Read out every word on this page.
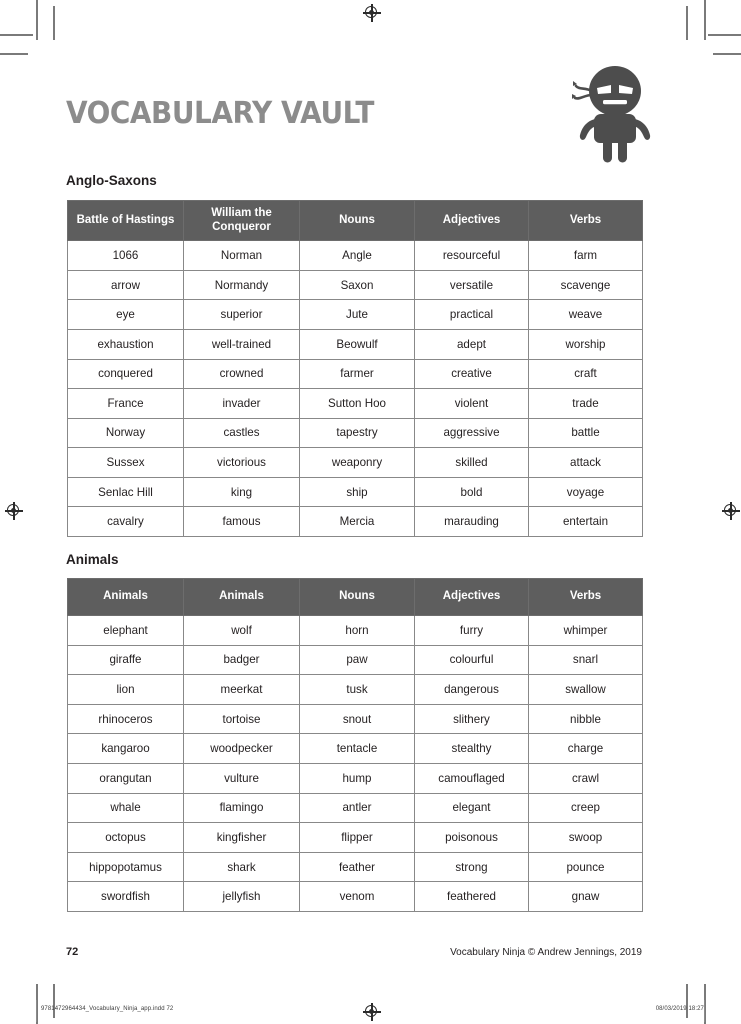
VOCABULARY VAULT
Anglo-Saxons
Battle of Hastings	William the Conqueror	Nouns	Adjectives	Verbs
1066	Norman	Angle	resourceful	farm
arrow	Normandy	Saxon	versatile	scavenge
eye	superior	Jute	practical	weave
exhaustion	well-trained	Beowulf	adept	worship
conquered	crowned	farmer	creative	craft
France	invader	Sutton Hoo	violent	trade
Norway	castles	tapestry	aggressive	battle
Sussex	victorious	weaponry	skilled	attack
Senlac Hill	king	ship	bold	voyage
cavalry	famous	Mercia	marauding	entertain
Animals
Animals	Animals	Nouns	Adjectives	Verbs
elephant	wolf	horn	furry	whimper
giraffe	badger	paw	colourful	snarl
lion	meerkat	tusk	dangerous	swallow
rhinoceros	tortoise	snout	slithery	nibble
kangaroo	woodpecker	tentacle	stealthy	charge
orangutan	vulture	hump	camouflaged	crawl
whale	flamingo	antler	elegant	creep
octopus	kingfisher	flipper	poisonous	swoop
hippopotamus	shark	feather	strong	pounce
swordfish	jellyfish	venom	feathered	gnaw
72	Vocabulary Ninja © Andrew Jennings, 2019
9781472964434_Vocabulary_Ninja_app.indd 72	08/03/2019 18:27
